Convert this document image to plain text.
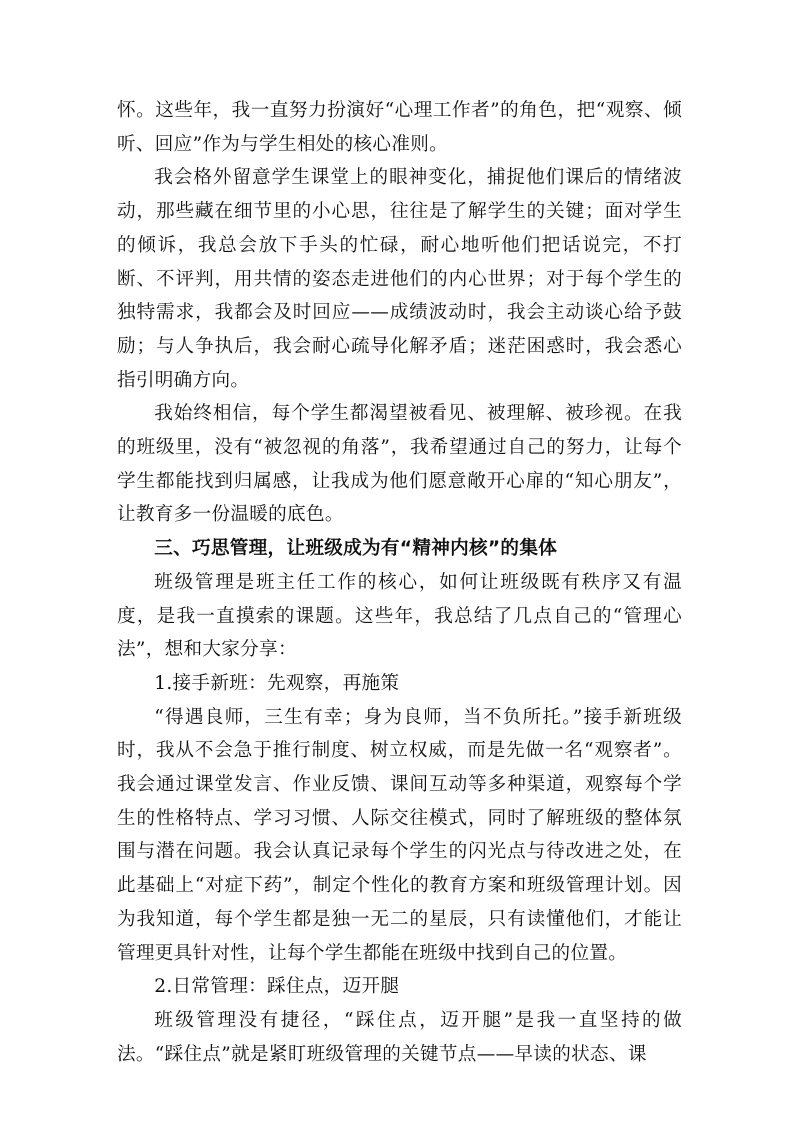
怀。这些年，我一直努力扮演好“心理工作者”的角色，把“观察、倾听、回应”作为与学生相处的核心准则。

我会格外留意学生课堂上的眼神变化，捕捉他们课后的情绪波动，那些藏在细节里的小心思，往往是了解学生的关键；面对学生的倾诉，我总会放下手头的忙碌，耐心地听他们把话说完，不打断、不评判，用共情的姿态走进他们的内心世界；对于每个学生的独特需求，我都会及时回应——成绩波动时，我会主动谈心给予鼓励；与人争执后，我会耐心疏导化解矛盾；迷茫困惑时，我会悉心指引明确方向。

我始终相信，每个学生都渴望被看见、被理解、被珍视。在我的班级里，没有“被忽视的角落”，我希望通过自己的努力，让每个学生都能找到归属感，让我成为他们愿意敞开心扉的“知心朋友”，让教育多一份温暖的底色。

三、巧思管理，让班级成为有“精神内核”的集体

班级管理是班主任工作的核心，如何让班级既有秩序又有温度，是我一直摸索的课题。这些年，我总结了几点自己的“管理心法”，想和大家分享：

1.接手新班：先观察，再施策

“得遇良师，三生有幸；身为良师，当不负所托。”接手新班级时，我从不会急于推行制度、树立权威，而是先做一名“观察者”。我会通过课堂发言、作业反馈、课间互动等多种渠道，观察每个学生的性格特点、学习习惯、人际交往模式，同时了解班级的整体氛围与潜在问题。我会认真记录每个学生的闪光点与待改进之处，在此基础上“对症下药”，制定个性化的教育方案和班级管理计划。因为我知道，每个学生都是独一无二的星辰，只有读懂他们，才能让管理更具针对性，让每个学生都能在班级中找到自己的位置。

2.日常管理：踩住点，迈开腿

班级管理没有捷径，“踩住点，迈开腿”是我一直坚持的做法。“踩住点”就是紧盯班级管理的关键节点——早读的状态、课
